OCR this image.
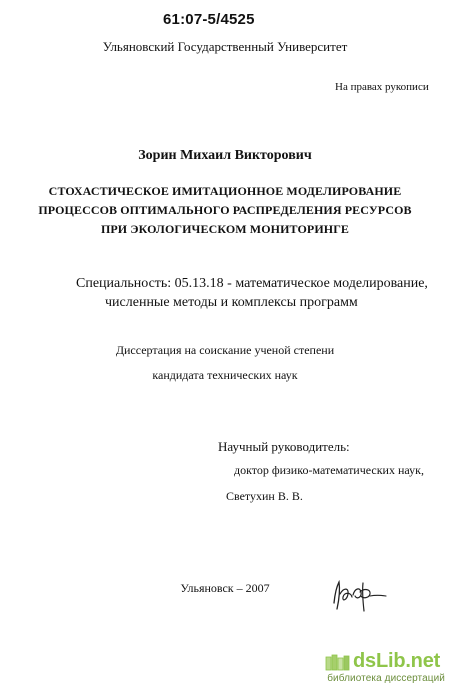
61:07-5/4525
Ульяновский Государственный Университет
На правах рукописи
Зорин Михаил Викторович
СТОХАСТИЧЕСКОЕ ИМИТАЦИОННОЕ МОДЕЛИРОВАНИЕ
ПРОЦЕССОВ ОПТИМАЛЬНОГО РАСПРЕДЕЛЕНИЯ РЕСУРСОВ
ПРИ ЭКОЛОГИЧЕСКОМ МОНИТОРИНГЕ
Специальность: 05.13.18 - математическое моделирование,
численные методы и комплексы программ
Диссертация на соискание ученой степени
кандидата технических наук
Научный руководитель:
доктор физико-математических наук,
Светухин В. В.
Ульяновск – 2007
dsLib.net
библиотека диссертаций
